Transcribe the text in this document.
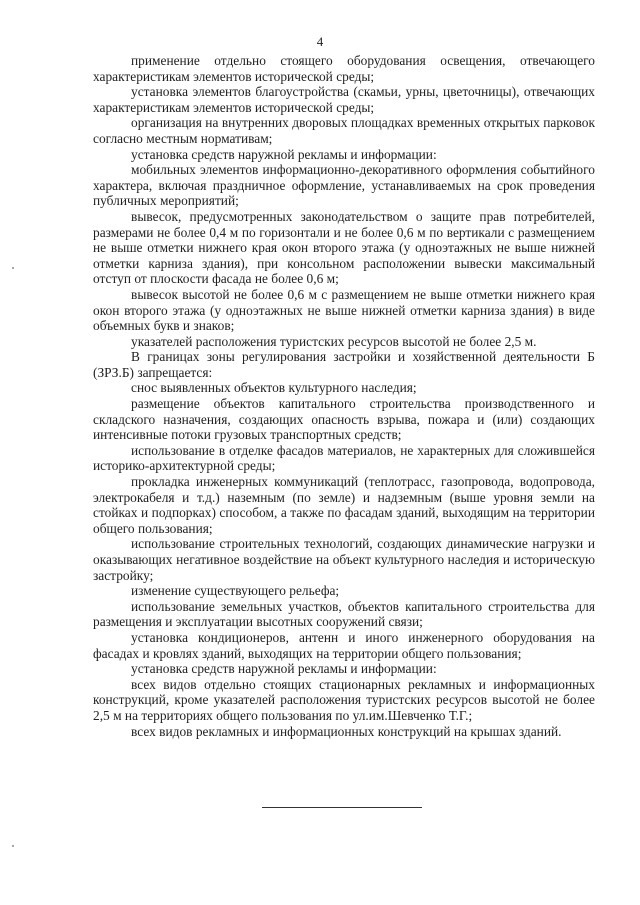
4

применение отдельно стоящего оборудования освещения, отвечающего характеристикам элементов исторической среды;

установка элементов благоустройства (скамьи, урны, цветочницы), отвечающих характеристикам элементов исторической среды;

организация на внутренних дворовых площадках временных открытых парковок согласно местным нормативам;

установка средств наружной рекламы и информации:

мобильных элементов информационно-декоративного оформления событийного характера, включая праздничное оформление, устанавливаемых на срок проведения публичных мероприятий;

вывесок, предусмотренных законодательством о защите прав потребителей, размерами не более 0,4 м по горизонтали и не более 0,6 м по вертикали с размещением не выше отметки нижнего края окон второго этажа (у одноэтажных не выше нижней отметки карниза здания), при консольном расположении вывески максимальный отступ от плоскости фасада не более 0,6 м;

вывесок высотой не более 0,6 м с размещением не выше отметки нижнего края окон второго этажа (у одноэтажных не выше нижней отметки карниза здания) в виде объемных букв и знаков;

указателей расположения туристских ресурсов высотой не более 2,5 м.

В границах зоны регулирования застройки и хозяйственной деятельности Б (ЗРЗ.Б) запрещается:

снос выявленных объектов культурного наследия;

размещение объектов капитального строительства производственного и складского назначения, создающих опасность взрыва, пожара и (или) создающих интенсивные потоки грузовых транспортных средств;

использование в отделке фасадов материалов, не характерных для сложившейся историко-архитектурной среды;

прокладка инженерных коммуникаций (теплотрасс, газопровода, водопровода, электрокабеля и т.д.) наземным (по земле) и надземным (выше уровня земли на стойках и подпорках) способом, а также по фасадам зданий, выходящим на территории общего пользования;

использование строительных технологий, создающих динамические нагрузки и оказывающих негативное воздействие на объект культурного наследия и историческую застройку;

изменение существующего рельефа;

использование земельных участков, объектов капитального строительства для размещения и эксплуатации высотных сооружений связи;

установка кондиционеров, антенн и иного инженерного оборудования на фасадах и кровлях зданий, выходящих на территории общего пользования;

установка средств наружной рекламы и информации:

всех видов отдельно стоящих стационарных рекламных и информационных конструкций, кроме указателей расположения туристских ресурсов высотой не более 2,5 м на территориях общего пользования по ул.им.Шевченко Т.Г.;

всех видов рекламных и информационных конструкций на крышах зданий.
